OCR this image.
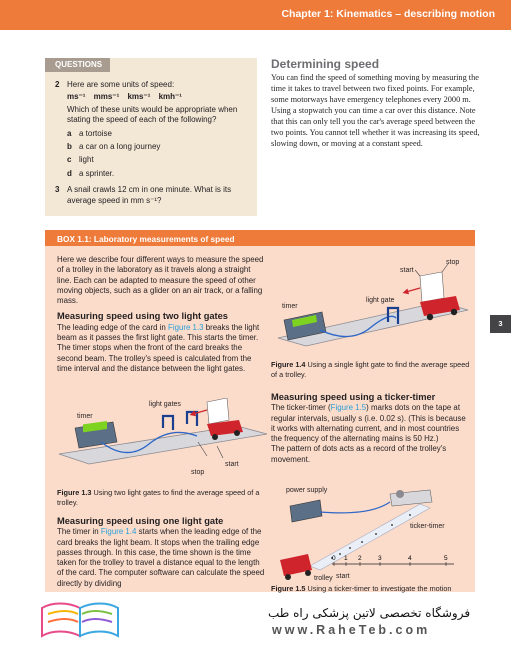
Chapter 1: Kinematics – describing motion
QUESTIONS
2 Here are some units of speed:
ms⁻¹ mms⁻¹ kms⁻¹ kmh⁻¹
Which of these units would be appropriate when stating the speed of each of the following?
a a tortoise
b a car on a long journey
c light
d a sprinter.
3 A snail crawls 12 cm in one minute. What is its average speed in mm s⁻¹?
Determining speed
You can find the speed of something moving by measuring the time it takes to travel between two fixed points. For example, some motorways have emergency telephones every 2000 m. Using a stopwatch you can time a car over this distance. Note that this can only tell you the car's average speed between the two points. You cannot tell whether it was increasing its speed, slowing down, or moving at a constant speed.
BOX 1.1: Laboratory measurements of speed
Here we describe four different ways to measure the speed of a trolley in the laboratory as it travels along a straight line. Each can be adapted to measure the speed of other moving objects, such as a glider on an air track, or a falling mass.
Measuring speed using two light gates
The leading edge of the card in Figure 1.3 breaks the light beam as it passes the first light gate. This starts the timer. The timer stops when the front of the card breaks the second beam. The trolley's speed is calculated from the time interval and the distance between the light gates.
timer
light gates
start
stop
Figure 1.3 Using two light gates to find the average speed of a trolley.
Measuring speed using one light gate
The timer in Figure 1.4 starts when the leading edge of the card breaks the light beam. It stops when the trailing edge passes through. In this case, the time shown is the time taken for the trolley to travel a distance equal to the length of the card. The computer software can calculate the speed directly by dividing
timer
light gate
start
stop
Figure 1.4 Using a single light gate to find the average speed of a trolley.
Measuring speed using a ticker-timer
The ticker-timer (Figure 1.5) marks dots on the tape at regular intervals, usually s (i.e. 0.02 s). (This is because it works with alternating current, and in most countries the frequency of the alternating mains is 50 Hz.)
The pattern of dots acts as a record of the trolley's movement.
0 1 2	3	4	5
power supply
ticker-timer
trolley start
Figure 1.5 Using a ticker-timer to investigate the motion
3
فروشگاه تخصصی لاتین پزشکی راه طب
www.RaheTeb.com
